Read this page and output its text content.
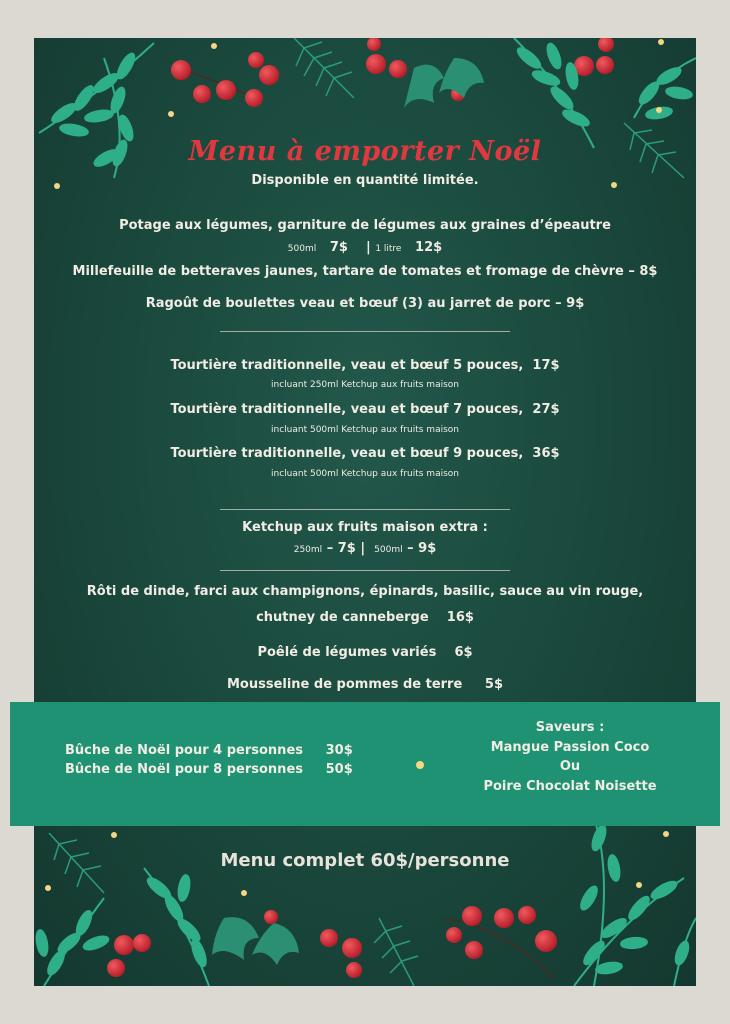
Menu à emporter Noël
Disponible en quantité limitée.
Potage aux légumes, garniture de légumes aux graines d’épeautre
500ml 7$ | 1 litre 12$
Millefeuille de betteraves jaunes, tartare de tomates et fromage de chèvre – 8$
Ragoût de boulettes veau et bœuf (3) au jarret de porc – 9$
Tourtière traditionnelle, veau et bœuf 5 pouces, 17$
incluant 250ml Ketchup aux fruits maison
Tourtière traditionnelle, veau et bœuf 7 pouces, 27$
incluant 500ml Ketchup aux fruits maison
Tourtière traditionnelle, veau et bœuf 9 pouces, 36$
incluant 500ml Ketchup aux fruits maison
Ketchup aux fruits maison extra :
250ml – 7$ | 500ml – 9$
Rôti de dinde, farci aux champignons, épinards, basilic, sauce au vin rouge,
chutney de canneberge 16$
Poêlé de légumes variés 6$
Mousseline de pommes de terre 5$
Menu complet 60$/personne
Bûche de Noël pour 4 personnes 30$
Bûche de Noël pour 8 personnes 50$
Saveurs :
Mangue Passion Coco
Ou
Poire Chocolat Noisette
